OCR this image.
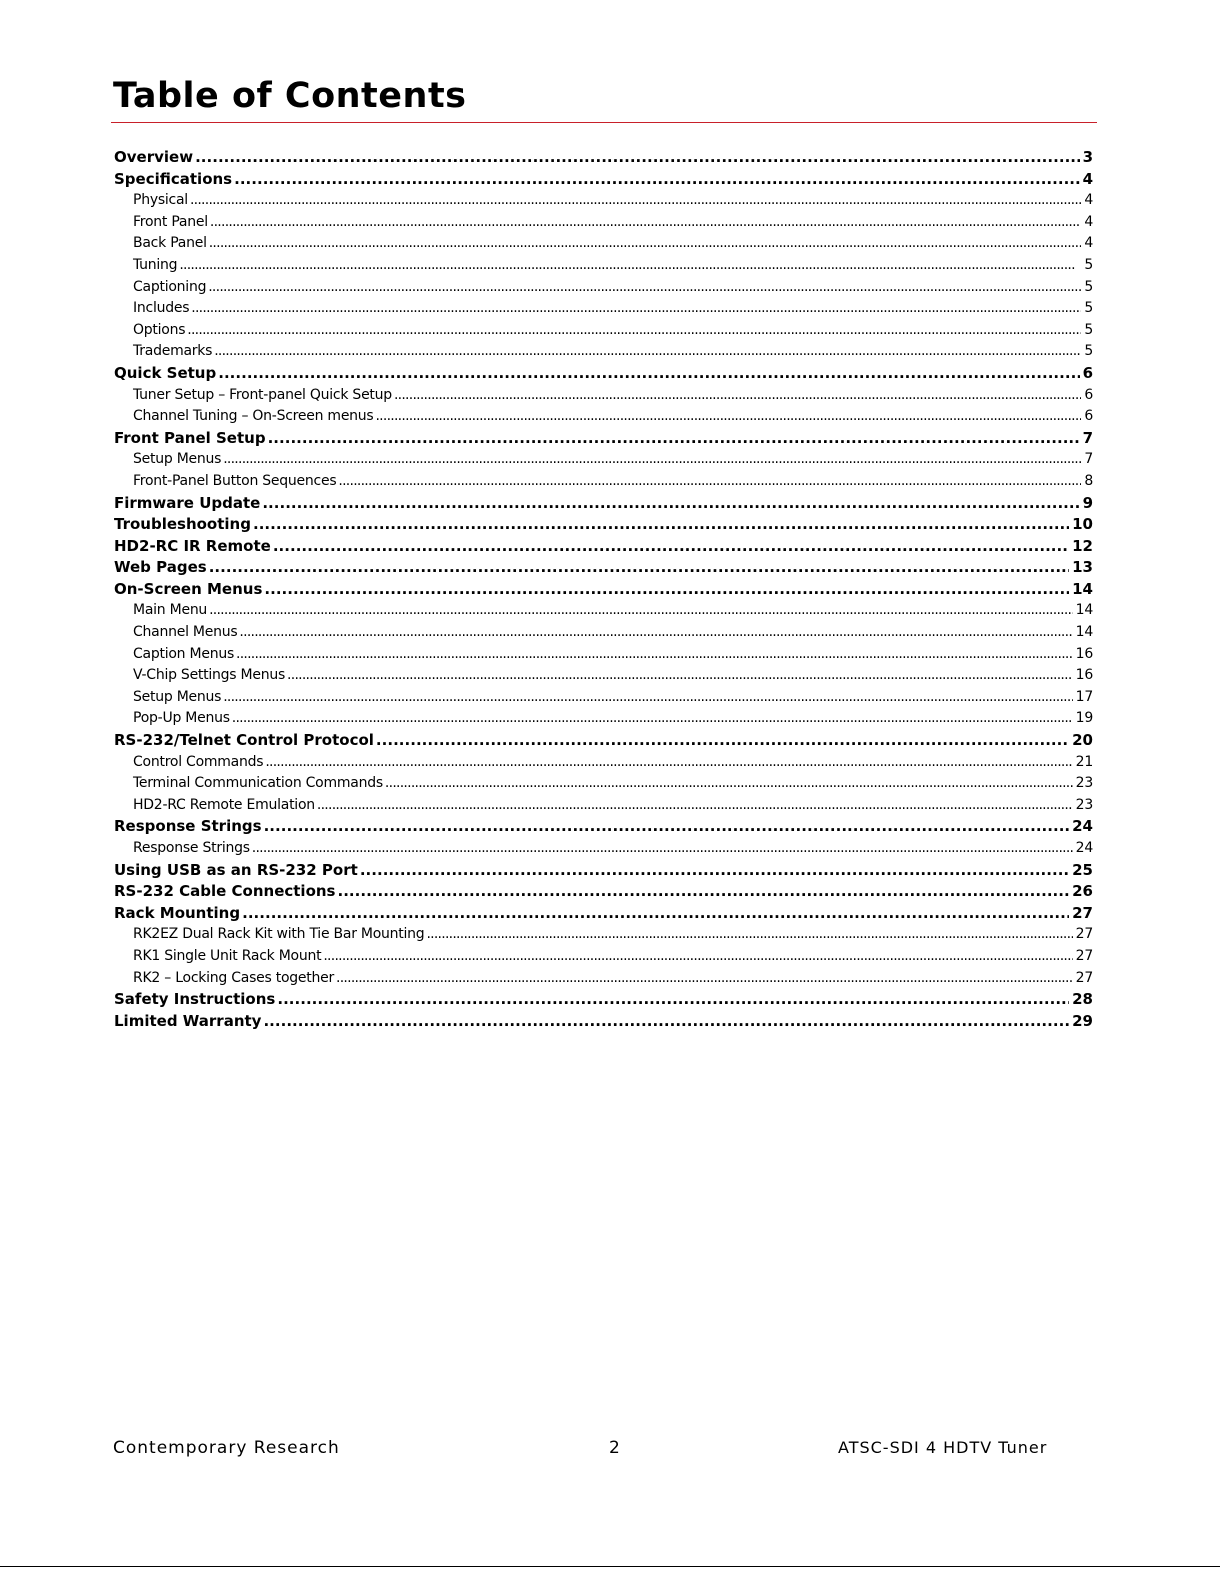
Table of Contents
Overview . . .	3
Specifications . . .	4
Physical . . .	4
Front Panel . . .	4
Back Panel . . .	4
Tuning . . .	5
Captioning . . .	5
Includes . . .	5
Options . . .	5
Trademarks . . .	5
Quick Setup . . .	6
Tuner Setup – Front-panel Quick Setup . . .	6
Channel Tuning – On-Screen menus . . .	6
Front Panel Setup . . .	7
Setup Menus . . .	7
Front-Panel Button Sequences . . .	8
Firmware Update . . .	9
Troubleshooting . . .	10
HD2-RC IR Remote . . .	12
Web Pages . . .	13
On-Screen Menus . . .	14
Main Menu . . .	14
Channel Menus . . .	14
Caption Menus . . .	16
V-Chip Settings Menus . . .	16
Setup Menus . . .	17
Pop-Up Menus . . .	19
RS-232/Telnet Control Protocol . . .	20
Control Commands . . .	21
Terminal Communication Commands . . .	23
HD2-RC Remote Emulation . . .	23
Response Strings . . .	24
Response Strings . . .	24
Using USB as an RS-232 Port . . .	25
RS-232 Cable Connections . . .	26
Rack Mounting . . .	27
RK2EZ Dual Rack Kit with Tie Bar Mounting . . .	27
RK1 Single Unit Rack Mount . . .	27
RK2 – Locking Cases together . . .	27
Safety Instructions . . .	28
Limited Warranty . . .	29
Contemporary Research	2	ATSC-SDI 4 HDTV Tuner
